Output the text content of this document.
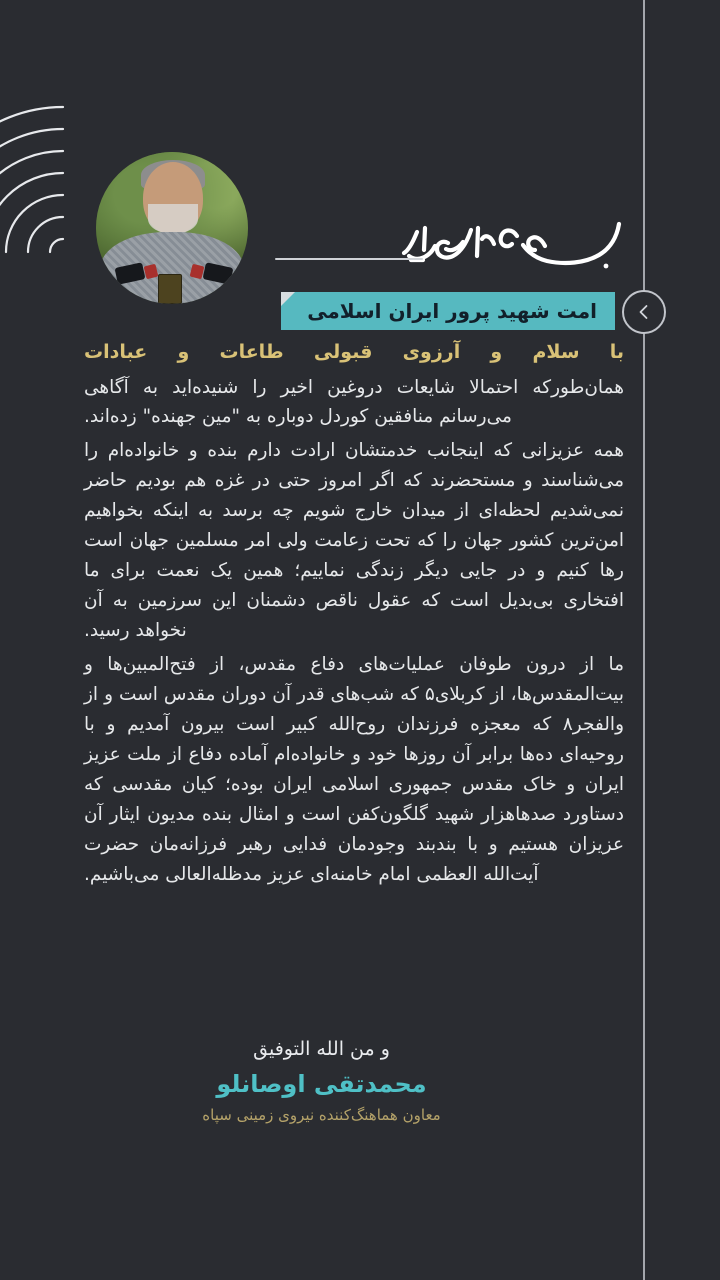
امت شهید پرور ایران اسلامی

با سلام و آرزوی قبولی طاعات و عبادات

همان‌طور‌که احتمالا شایعات دروغین اخیر را شنیده‌اید به آگاهی می‌رسانم منافقین کوردل دوباره به "مین جهنده" زده‌اند.

همه عزیزانی که اینجانب خدمتشان ارادت دارم بنده و خانواده‌ام را می‌شناسند و مستحضرند که اگر امروز حتی در غزه هم بودیم حاضر نمی‌شدیم لحظه‌ای از میدان خارج شویم چه برسد به اینکه بخواهیم امن‌ترین کشور جهان را که تحت زعامت ولی امر مسلمین جهان است رها کنیم و در جایی دیگر زندگی نماییم؛ همین یک نعمت برای ما افتخاری بی‌بدیل است که عقول ناقص دشمنان این سرزمین به آن نخواهد رسید.

ما از درون طوفان عملیات‌های دفاع مقدس، از فتح‌المبین‌ها و بیت‌المقدس‌ها، از کربلای۵ که شب‌های قدر آن دوران مقدس است و از والفجر۸ که معجزه فرزندان روح‌الله کبیر است بیرون آمدیم و با روحیه‌ای ده‌ها برابر آن روزها خود و خانواده‌ام آماده دفاع از ملت عزیز ایران و خاک مقدس جمهوری اسلامی ایران بوده؛ کیان مقدسی که دستاورد صدهاهزار شهید گلگون‌کفن است و امثال بنده مدیون ایثار آن عزیزان هستیم و با بندبند وجودمان فدایی رهبر فرزانه‌مان حضرت آیت‌الله العظمی امام خامنه‌ای عزیز مدظله‌العالی می‌باشیم.

و من الله التوفیق

محمدتقی اوصانلو

معاون هماهنگ‌کننده نیروی زمینی سپاه
